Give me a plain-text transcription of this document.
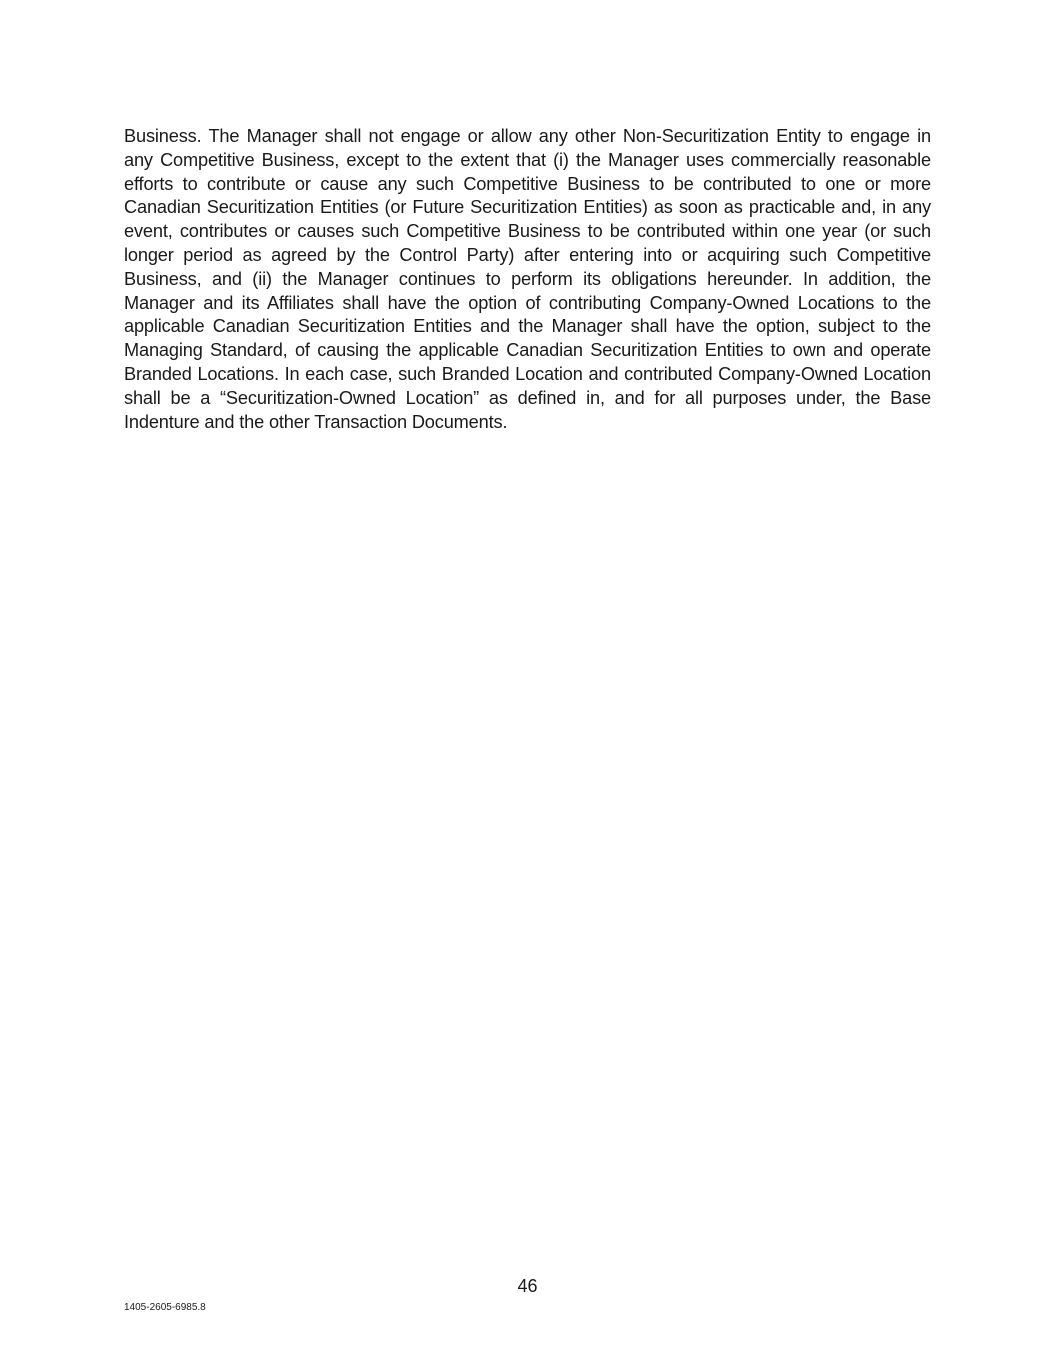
Business. The Manager shall not engage or allow any other Non-Securitization Entity to engage in any Competitive Business, except to the extent that (i) the Manager uses commercially reasonable efforts to contribute or cause any such Competitive Business to be contributed to one or more Canadian Securitization Entities (or Future Securitization Entities) as soon as practicable and, in any event, contributes or causes such Competitive Business to be contributed within one year (or such longer period as agreed by the Control Party) after entering into or acquiring such Competitive Business, and (ii) the Manager continues to perform its obligations hereunder. In addition, the Manager and its Affiliates shall have the option of contributing Company-Owned Locations to the applicable Canadian Securitization Entities and the Manager shall have the option, subject to the Managing Standard, of causing the applicable Canadian Securitization Entities to own and operate Branded Locations. In each case, such Branded Location and contributed Company-Owned Location shall be a “Securitization-Owned Location” as defined in, and for all purposes under, the Base Indenture and the other Transaction Documents.

46
1405-2605-6985.8
